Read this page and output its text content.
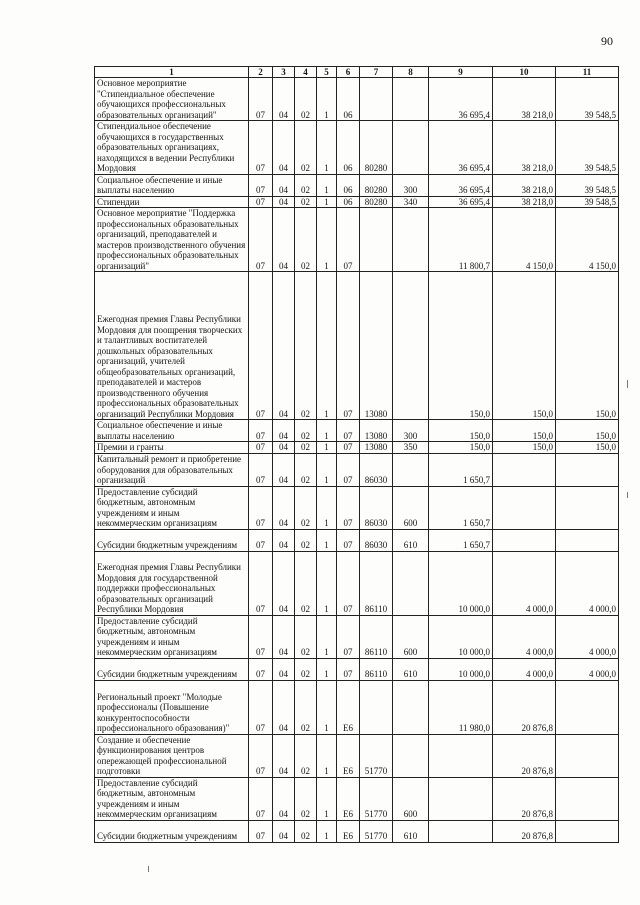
90
1	2	3	4	5	6	7	8	9	10	11
Основное мероприятие "Стипендиальное обеспечение обучающихся профессиональных образовательных организаций"	07	04	02	1	06			36 695,4	38 218,0	39 548,5
Стипендиальное обеспечение обучающихся в государственных образовательных организациях, находящихся в ведении Республики Мордовия	07	04	02	1	06	80280		36 695,4	38 218,0	39 548,5
Социальное обеспечение и иные выплаты населению	07	04	02	1	06	80280	300	36 695,4	38 218,0	39 548,5
Стипендии	07	04	02	1	06	80280	340	36 695,4	38 218,0	39 548,5
Основное мероприятие "Поддержка профессиональных образовательных организаций, преподавателей и мастеров производственного обучения профессиональных образовательных организаций"	07	04	02	1	07			11 800,7	4 150,0	4 150,0
Ежегодная премия Главы Республики Мордовия для поощрения творческих и талантливых воспитателей дошкольных образовательных организаций, учителей общеобразовательных организаций, преподавателей и мастеров производственного обучения профессиональных образовательных организаций Республики Мордовия	07	04	02	1	07	13080		150,0	150,0	150,0
Социальное обеспечение и иные выплаты населению	07	04	02	1	07	13080	300	150,0	150,0	150,0
Премии и гранты	07	04	02	1	07	13080	350	150,0	150,0	150,0
Капитальный ремонт и приобретение оборудования для образовательных организаций	07	04	02	1	07	86030		1 650,7		
Предоставление субсидий бюджетным, автономным учреждениям и иным некоммерческим организациям	07	04	02	1	07	86030	600	1 650,7		
Субсидии бюджетным учреждениям	07	04	02	1	07	86030	610	1 650,7		
Ежегодная премия Главы Республики Мордовия для государственной поддержки профессиональных образовательных организаций Республики Мордовия	07	04	02	1	07	86110		10 000,0	4 000,0	4 000,0
Предоставление субсидий бюджетным, автономным учреждениям и иным некоммерческим организациям	07	04	02	1	07	86110	600	10 000,0	4 000,0	4 000,0
Субсидии бюджетным учреждениям	07	04	02	1	07	86110	610	10 000,0	4 000,0	4 000,0
Региональный проект "Молодые профессионалы (Повышение конкурентоспособности профессионального образования)"	07	04	02	1	Е6			11 980,0	20 876,8	
Создание и обеспечение функционирования центров опережающей профессиональной подготовки	07	04	02	1	Е6	51770			20 876,8	
Предоставление субсидий бюджетным, автономным учреждениям и иным некоммерческим организациям	07	04	02	1	Е6	51770	600		20 876,8	
Субсидии бюджетным учреждениям	07	04	02	1	Е6	51770	610		20 876,8	
